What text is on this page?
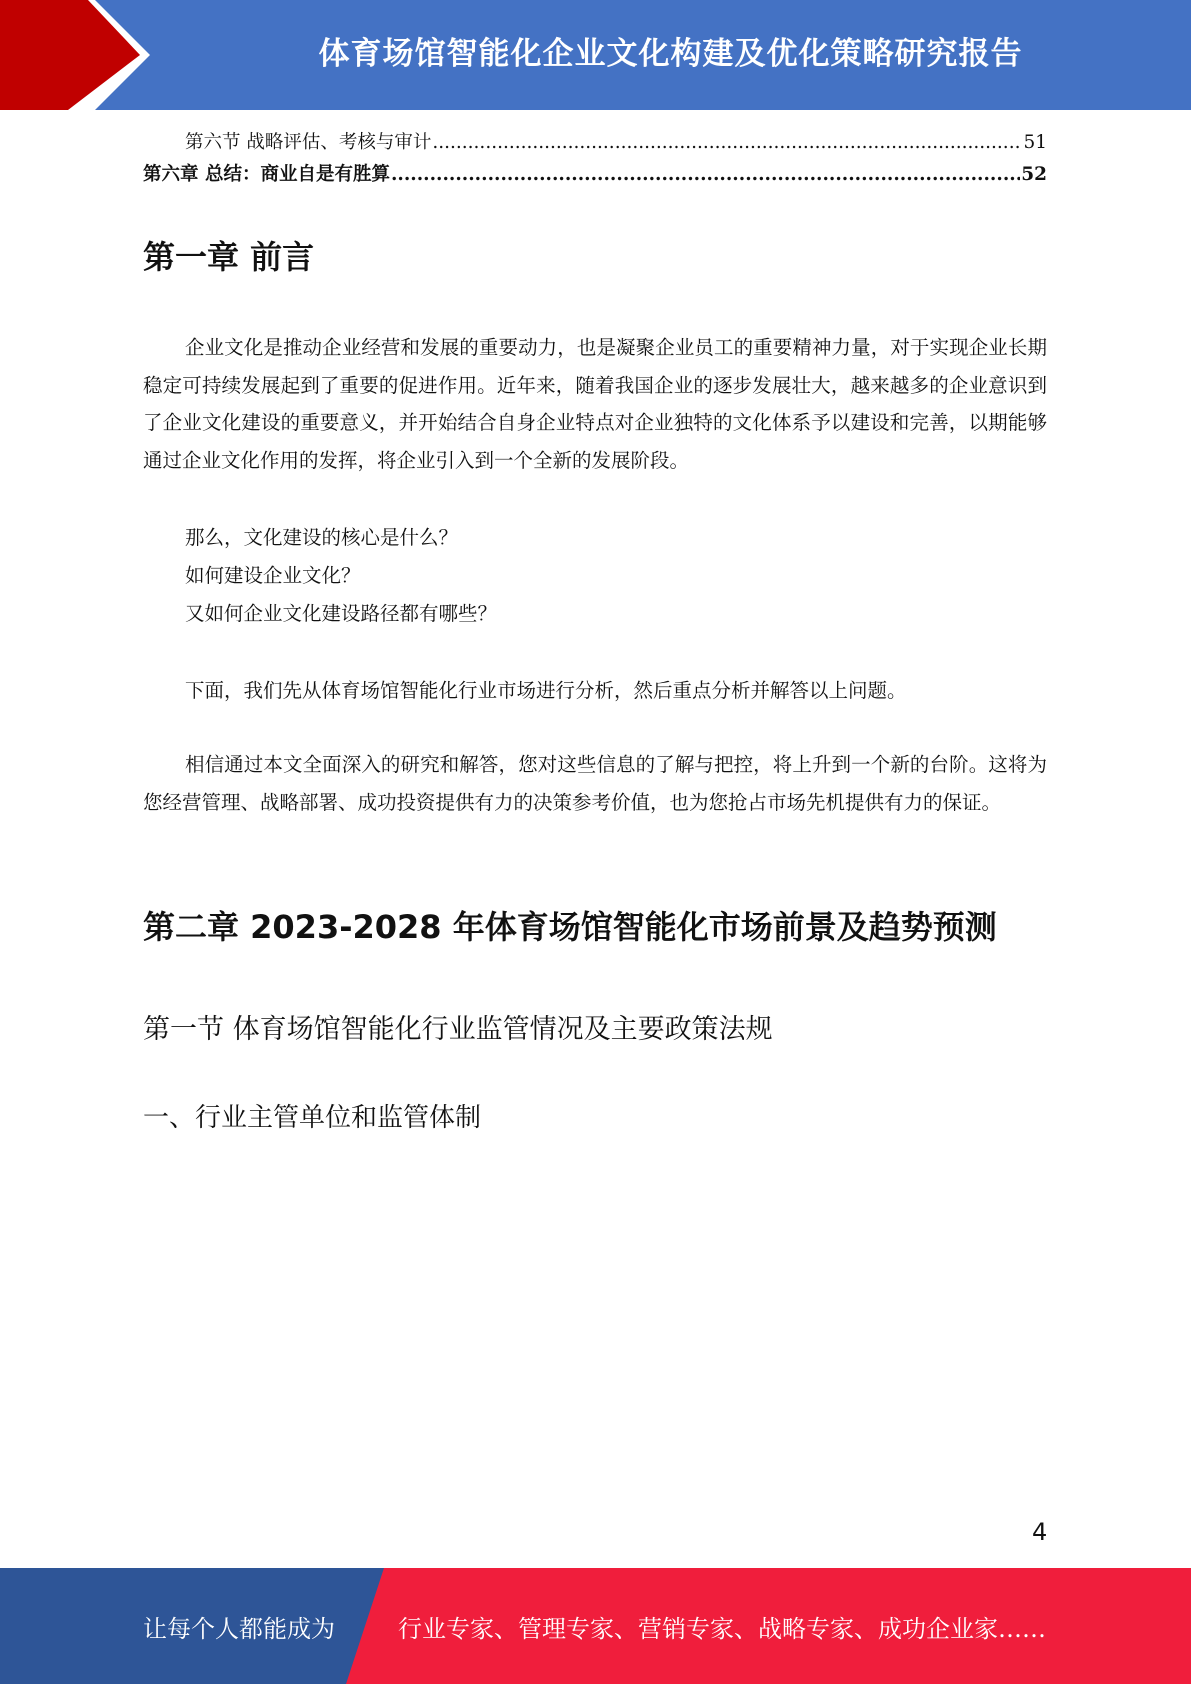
体育场馆智能化企业文化构建及优化策略研究报告
第六节 战略评估、考核与审计 .....	51
第六章 总结：商业自是有胜算 .....	52
第一章 前言
企业文化是推动企业经营和发展的重要动力，也是凝聚企业员工的重要精神力量，对于实现企业长期稳定可持续发展起到了重要的促进作用。近年来，随着我国企业的逐步发展壮大，越来越多的企业意识到了企业文化建设的重要意义，并开始结合自身企业特点对企业独特的文化体系予以建设和完善，以期能够通过企业文化作用的发挥，将企业引入到一个全新的发展阶段。
那么，文化建设的核心是什么？
如何建设企业文化？
又如何企业文化建设路径都有哪些？
下面，我们先从体育场馆智能化行业市场进行分析，然后重点分析并解答以上问题。
相信通过本文全面深入的研究和解答，您对这些信息的了解与把控，将上升到一个新的台阶。这将为您经营管理、战略部署、成功投资提供有力的决策参考价值，也为您抢占市场先机提供有力的保证。
第二章 2023-2028 年体育场馆智能化市场前景及趋势预测
第一节 体育场馆智能化行业监管情况及主要政策法规
一、行业主管单位和监管体制
4
让每个人都能成为	行业专家、管理专家、营销专家、战略专家、成功企业家……
